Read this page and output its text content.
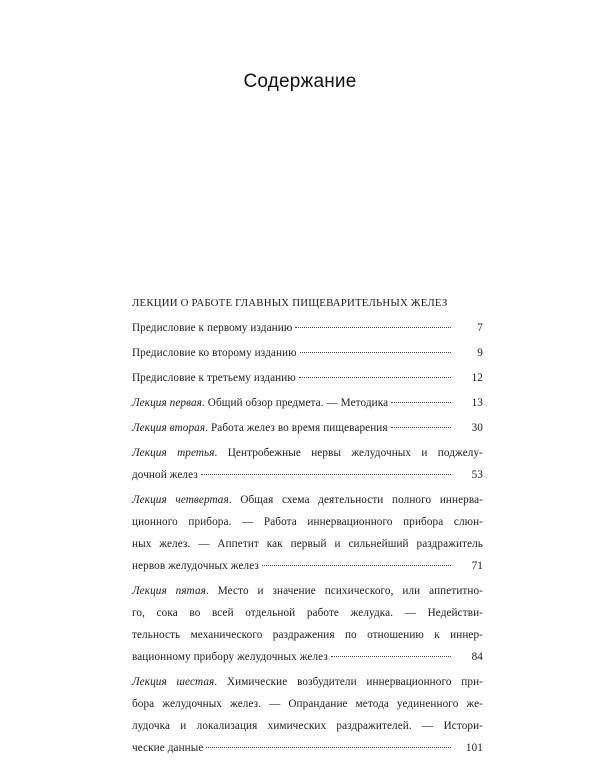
Содержание
ЛЕКЦИИ О РАБОТЕ ГЛАВНЫХ ПИЩЕВАРИТЕЛЬНЫХ ЖЕЛЕЗ
Предисловие к первому изданию	7
Предисловие ко второму изданию	9
Предисловие к третьему изданию	12
Лекция первая. Общий обзор предмета. — Методика	13
Лекция вторая. Работа желез во время пищеварения	30
Лекция третья. Центробежные нервы желудочных и поджелу-
дочной желез	53
Лекция четвертая. Общая схема деятельности полного иннерва-
ционного прибора. — Работа иннервационного прибора слюн-
ных желез. — Аппетит как первый и сильнейший раздражитель
нервов желудочных желез	71
Лекция пятая. Место и значение психического, или аппетитно-
го, сока во всей отдельной работе желудка. — Недействи-
тельность механического раздражения по отношению к иннер-
вационному прибору желудочных желез	84
Лекция шестая. Химические возбудители иннервационного при-
бора желудочных желез. — Опранданиe метода уединенного же-
лудочка и локализация химических раздражителей. — Истори-
ческие данные	101
